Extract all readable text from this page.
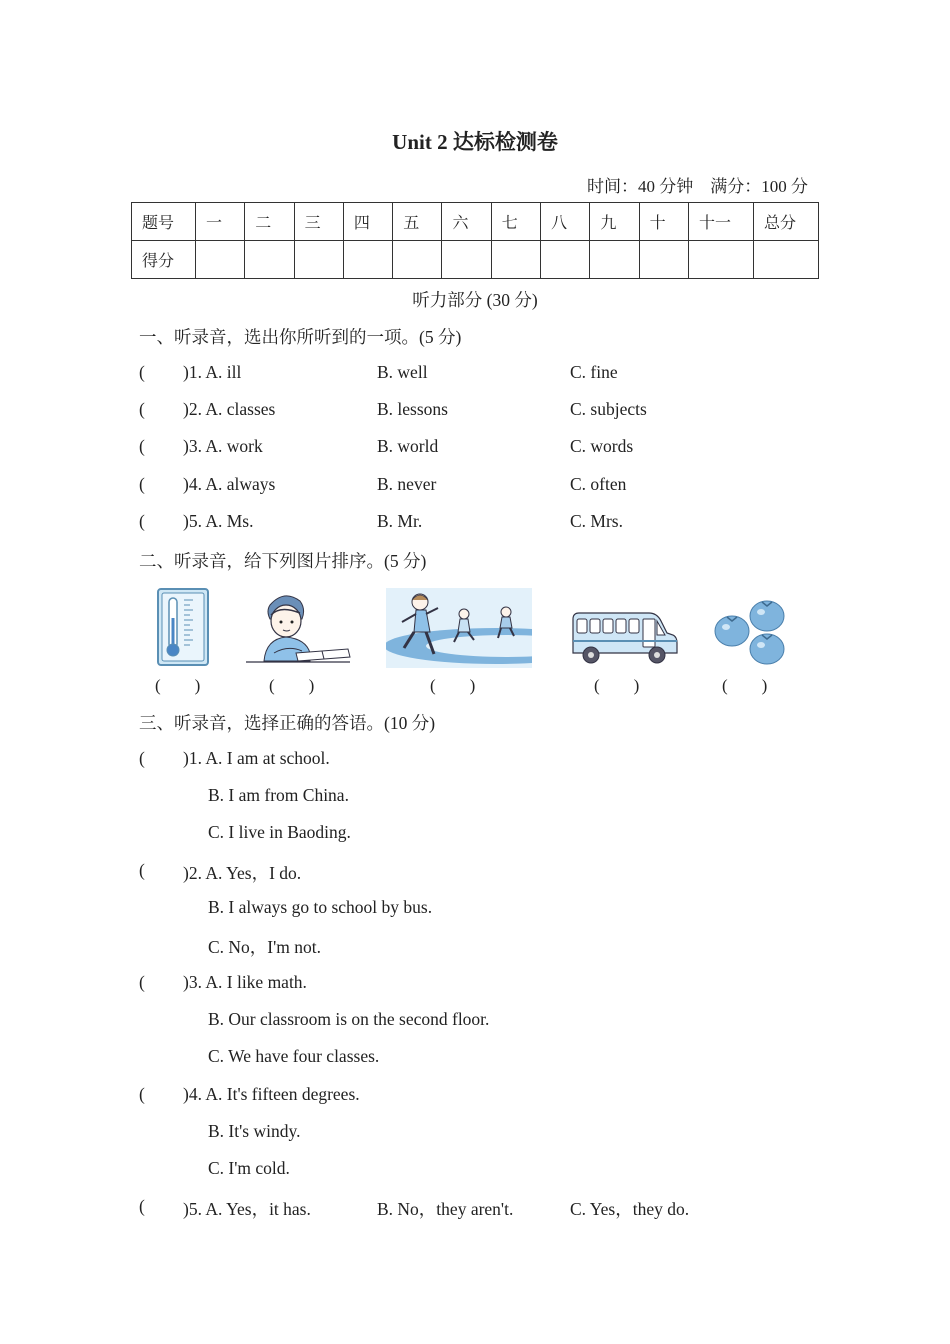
Unit 2 达标检测卷
时间：40 分钟　满分：100 分
题号	一	二	三	四	五	六	七	八	九	十	十一	总分
得分												
听力部分 (30 分)
一、听录音，选出你所听到的一项。(5 分)
( )1. A. ill	B. well	C. fine
( )2. A. classes	B. lessons	C. subjects
( )3. A. work	B. world	C. words
( )4. A. always	B. never	C. often
( )5. A. Ms.	B. Mr.	C. Mrs.
二、听录音，给下列图片排序。(5 分)
(　　)	(　　)	(　　)	(　　)	(　　)
三、听录音，选择正确的答语。(10 分)
( )1. A. I am at school.
B. I am from China.
C. I live in Baoding.
( )2. A. Yes，I do.
B. I always go to school by bus.
C. No，I'm not.
( )3. A. I like math.
B. Our classroom is on the second floor.
C. We have four classes.
( )4. A. It's fifteen degrees.
B. It's windy.
C. I'm cold.
( )5. A. Yes，it has.	B. No，they aren't.	C. Yes，they do.
